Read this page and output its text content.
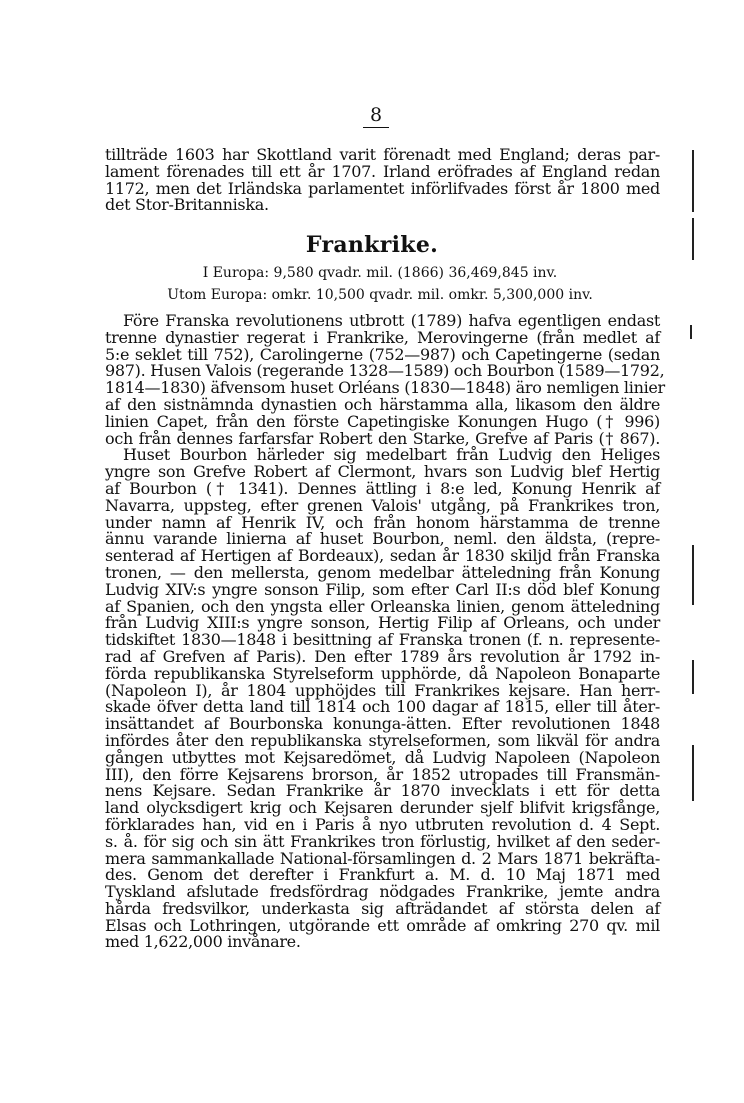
8
tillträde 1603 har Skottland varit förenadt med England; deras par-
lament förenades till ett år 1707. Irland eröfrades af England redan
1172, men det Irländska parlamentet införlifvades först år 1800 med
det Stor-Britanniska.
Frankrike.
I Europa: 9,580 qvadr. mil. (1866) 36,469,845 inv.
Utom Europa: omkr. 10,500 qvadr. mil. omkr. 5,300,000 inv.
Före Franska revolutionens utbrott (1789) hafva egentligen endast
trenne dynastier regerat i Frankrike, Merovingerne (från medlet af
5:e seklet till 752), Carolingerne (752—987) och Capetingerne (sedan
987). Husen Valois (regerande 1328—1589) och Bourbon (1589—1792,
1814—1830) äfvensom huset Orléans (1830—1848) äro nemligen linier
af den sistnämnda dynastien och härstamma alla, likasom den äldre
linien Capet, från den förste Capetingiske Konungen Hugo († 996)
och från dennes farfarsfar Robert den Starke, Grefve af Paris († 867).
Huset Bourbon härleder sig medelbart från Ludvig den Heliges
yngre son Grefve Robert af Clermont, hvars son Ludvig blef Hertig
af Bourbon († 1341). Dennes ättling i 8:e led, Konung Henrik af
Navarra, uppsteg, efter grenen Valois' utgång, på Frankrikes tron,
under namn af Henrik IV, och från honom härstamma de trenne
ännu varande linierna af huset Bourbon, neml. den äldsta, (repre-
senterad af Hertigen af Bordeaux), sedan år 1830 skiljd från Franska
tronen, — den mellersta, genom medelbar ätteledning från Konung
Ludvig XIV:s yngre sonson Filip, som efter Carl II:s död blef Konung
af Spanien, och den yngsta eller Orleanska linien, genom ätteledning
från Ludvig XIII:s yngre sonson, Hertig Filip af Orleans, och under
tidskiftet 1830—1848 i besittning af Franska tronen (f. n. represente-
rad af Grefven af Paris). Den efter 1789 års revolution år 1792 in-
förda republikanska Styrelseform upphörde, då Napoleon Bonaparte
(Napoleon I), år 1804 upphöjdes till Frankrikes kejsare. Han herr-
skade öfver detta land till 1814 och 100 dagar af 1815, eller till åter-
insättandet af Bourbonska konunga-ätten. Efter revolutionen 1848
infördes åter den republikanska styrelseformen, som likväl för andra
gången utbyttes mot Kejsaredömet, då Ludvig Napoleen (Napoleon
III), den förre Kejsarens brorson, år 1852 utropades till Fransmän-
nens Kejsare. Sedan Frankrike år 1870 invecklats i ett för detta
land olycksdigert krig och Kejsaren derunder sjelf blifvit krigsfånge,
förklarades han, vid en i Paris å nyo utbruten revolution d. 4 Sept.
s. å. för sig och sin ätt Frankrikes tron förlustig, hvilket af den seder-
mera sammankallade National-församlingen d. 2 Mars 1871 bekräfta-
des. Genom det derefter i Frankfurt a. M. d. 10 Maj 1871 med
Tyskland afslutade fredsfördrag nödgades Frankrike, jemte andra
hårda fredsvilkor, underkasta sig afträdandet af största delen af
Elsas och Lothringen, utgörande ett område af omkring 270 qv. mil
med 1,622,000 invånare.
